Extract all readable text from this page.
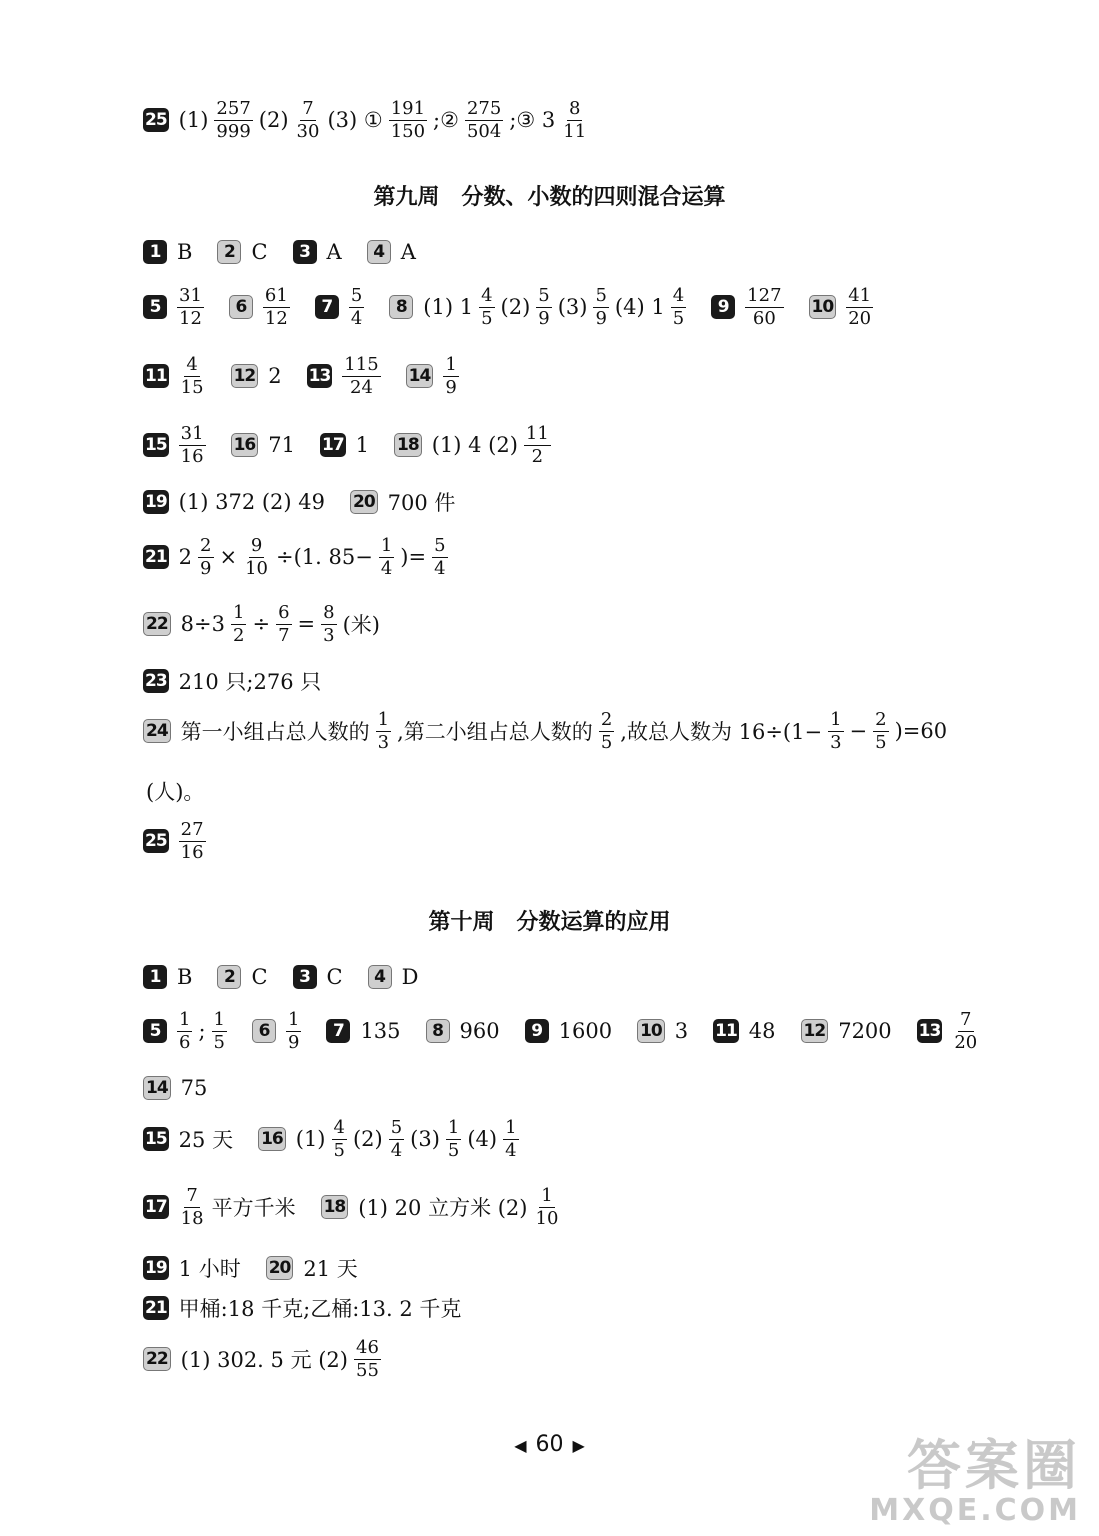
第九周　分数、小数的四则混合运算
第十周　分数运算的应用
25 $(1) \frac{257}{999} (2) \frac{7}{30} (3)$ ① $\frac{191}{150}$ ;② $\frac{275}{504}$ ;③ $3 \frac{8}{11}$
1 B	2 C	3 A	4 A
$5 \frac{31}{12}$	$6 \frac{61}{12}$	$7 \frac{5}{4}$	8 (1) $1 \frac{4}{5} (2) \frac{5}{9} (3) \frac{5}{9} (4)$ $1 \frac{4}{5}$	$9 \frac{127}{60} 10 \frac{41}{20}$
$11 \frac{4}{15} 12$ 2 $13 \frac{115}{24} 14 \frac{1}{9}$
$15 \frac{31}{16} 16$ 71 17 1 18 (1) 4 $(2) \frac{11}{2}$
19 (1) 372 (2) 49 20 700 件
21 $2 \frac{2}{9} \times \frac{9}{10} \div(1$. $85- \frac{1}{4}$ )= $\frac{5}{4}$
22 $8\div 3 \frac{1}{2} \div \frac{6}{7} = \frac{8}{3}$ (米)
23 210 只;276 只
24 第一小组占总人数的 $\frac{1}{3}$ ,第二小组占总人数的 $\frac{2}{5}$ ,故总人数为 $16\div(1- \frac{1}{3} - \frac{2}{5} )=60$
(人)。
$25 \frac{27}{16}$
1 B	2 C	3 C	4 D
$5 \frac{1}{6}$ ; $\frac{1}{5}$	$6 \frac{1}{9}$	7 135	8 960	9 1600 10 3 11 48 12 7200 $13 \frac{7}{20}$
14 75
15 25 天 16 $(1) \frac{4}{5} (2) \frac{5}{4} (3) \frac{1}{5} (4) \frac{1}{4}$
$17 \frac{7}{18}$ 平方千米 18 (1) 20 立方米 $(2) \frac{1}{10}$
19 1 小时 20 21 天
21 甲桶:18 千克;乙桶:13. 2 千克
22 (1) 302. 5 元 $(2) \frac{46}{55}$
◀ 60 ▶	答案圈
MXQE.COM
